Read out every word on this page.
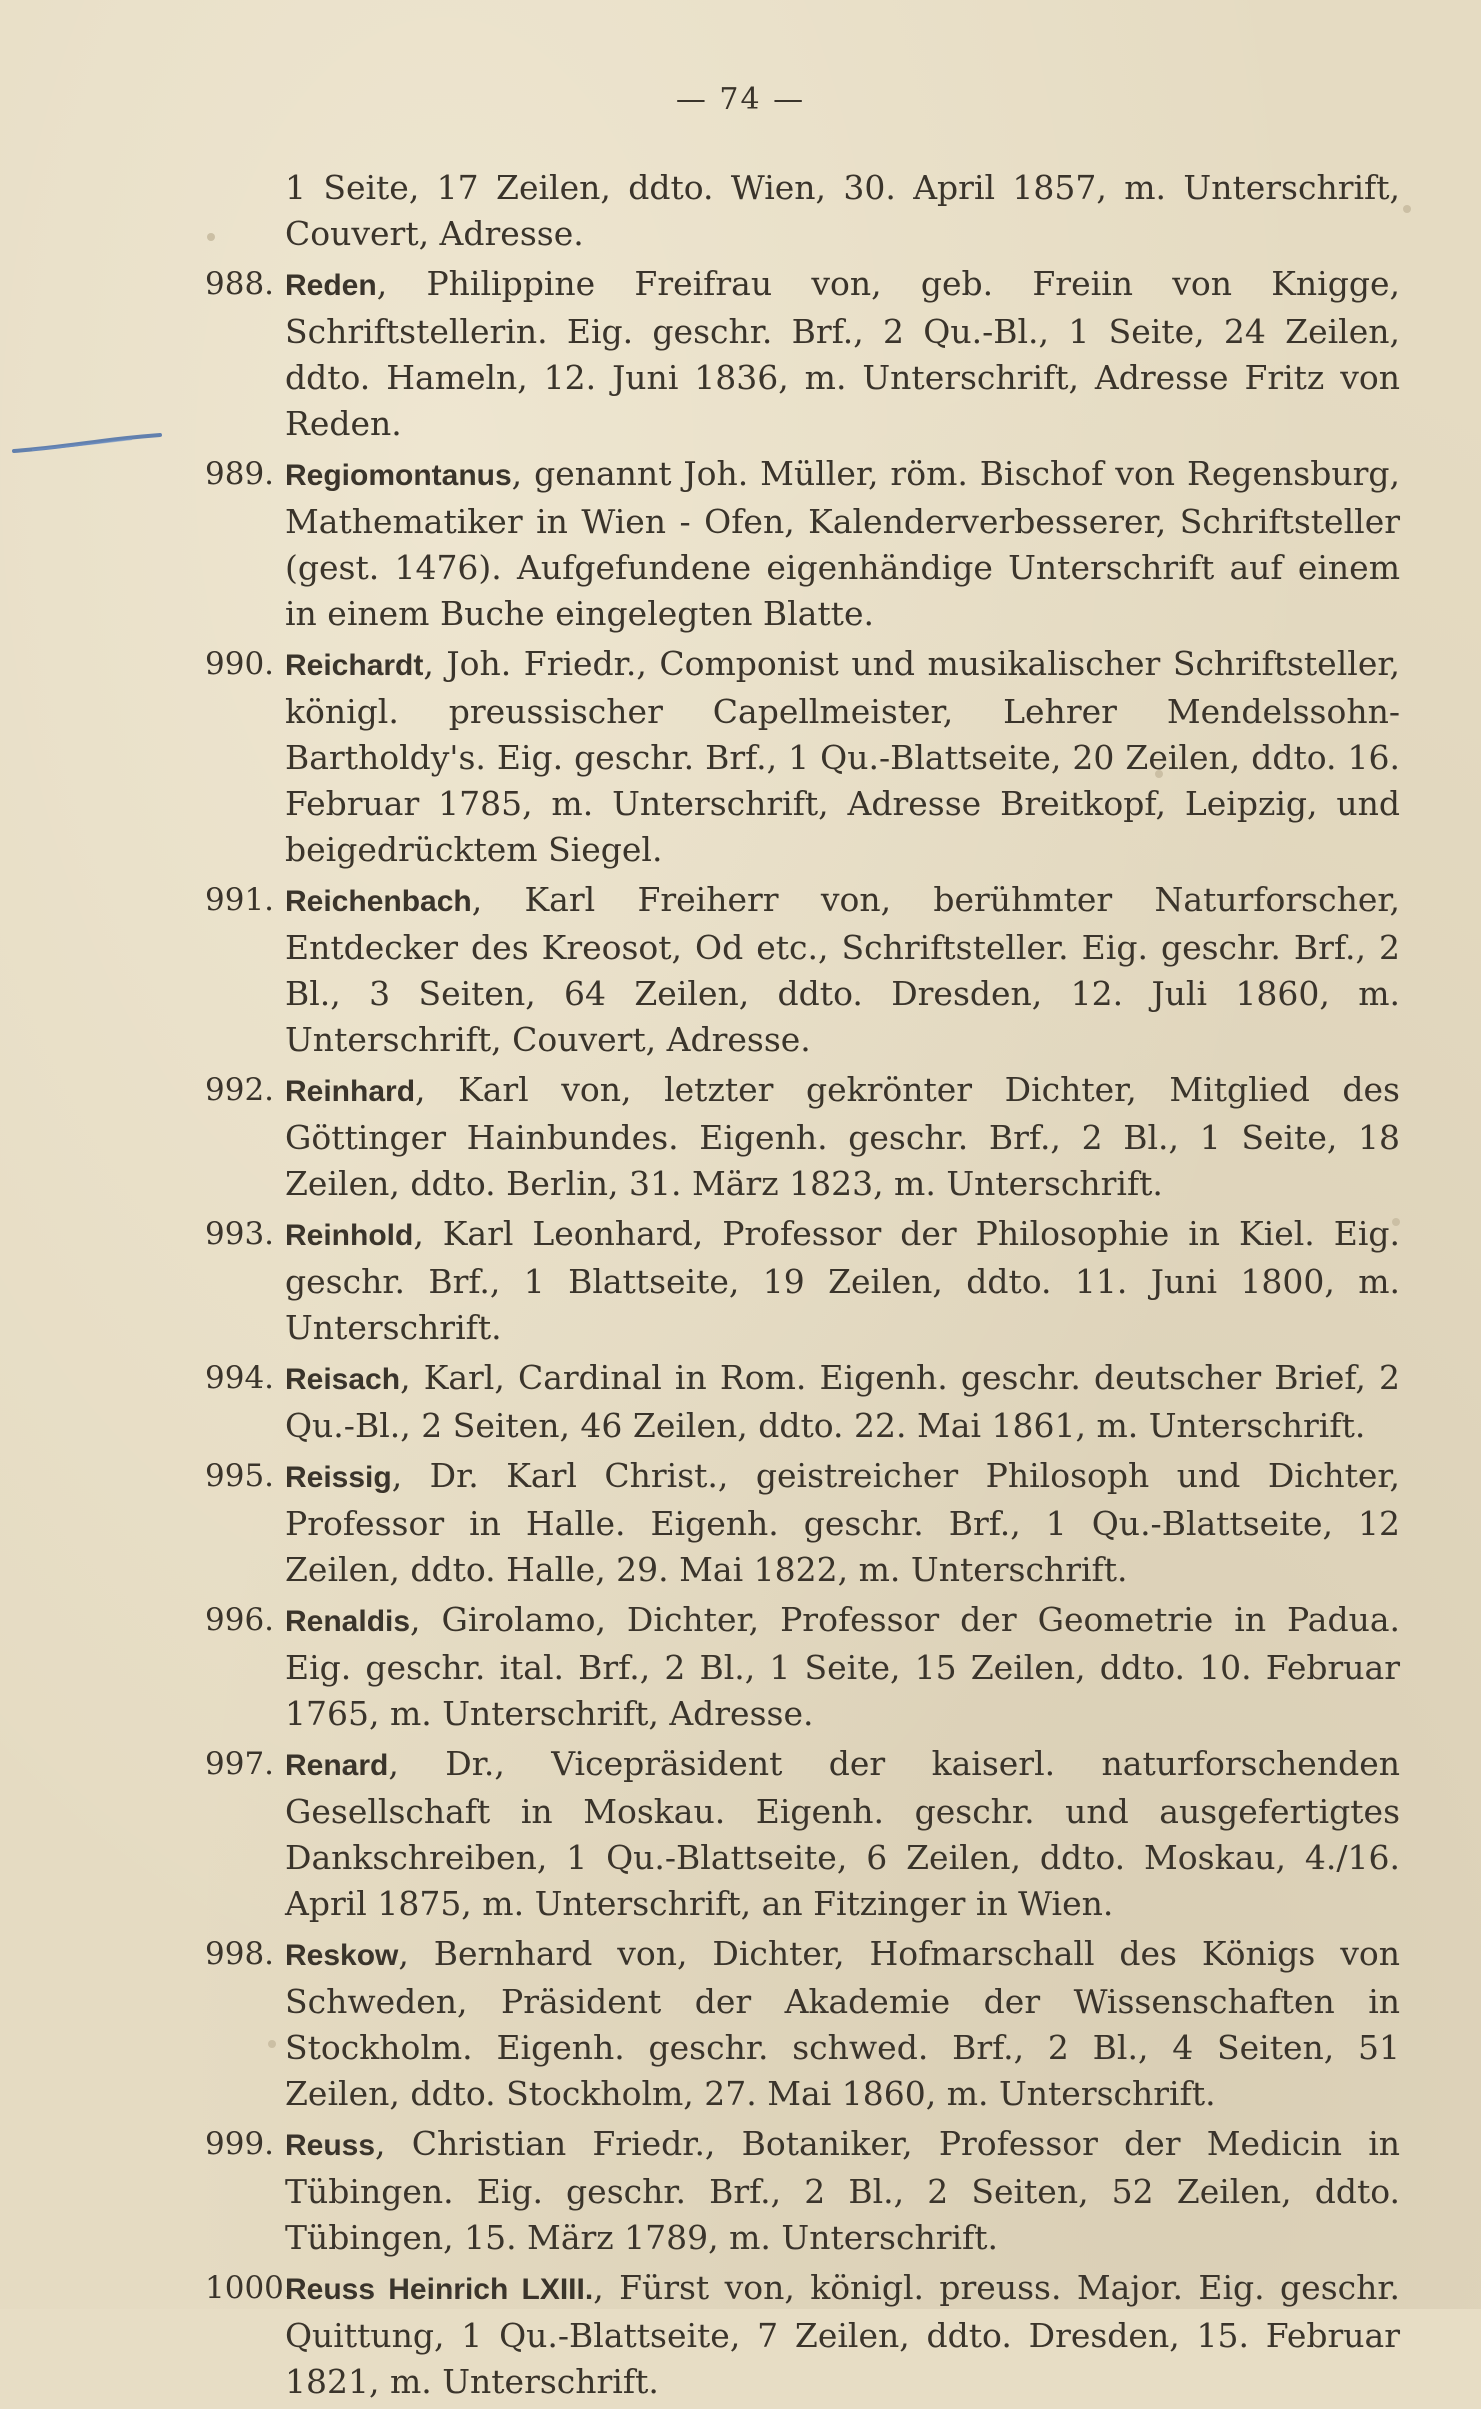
— 74 —

1 Seite, 17 Zeilen, ddto. Wien, 30. April 1857, m. Unterschrift, Couvert, Adresse.

988. Reden, Philippine Freifrau von, geb. Freiin von Knigge, Schriftstellerin. Eig. geschr. Brf., 2 Qu.-Bl., 1 Seite, 24 Zeilen, ddto. Hameln, 12. Juni 1836, m. Unterschrift, Adresse Fritz von Reden.
989. Regiomontanus, genannt Joh. Müller, röm. Bischof von Regensburg, Mathematiker in Wien - Ofen, Kalenderverbesserer, Schriftsteller (gest. 1476). Aufgefundene eigenhändige Unterschrift auf einem in einem Buche eingelegten Blatte.
990. Reichardt, Joh. Friedr., Componist und musikalischer Schriftsteller, königl. preussischer Capellmeister, Lehrer Mendelssohn-Bartholdy's. Eig. geschr. Brf., 1 Qu.-Blattseite, 20 Zeilen, ddto. 16. Februar 1785, m. Unterschrift, Adresse Breitkopf, Leipzig, und beigedrücktem Siegel.
991. Reichenbach, Karl Freiherr von, berühmter Naturforscher, Entdecker des Kreosot, Od etc., Schriftsteller. Eig. geschr. Brf., 2 Bl., 3 Seiten, 64 Zeilen, ddto. Dresden, 12. Juli 1860, m. Unterschrift, Couvert, Adresse.
992. Reinhard, Karl von, letzter gekrönter Dichter, Mitglied des Göttinger Hainbundes. Eigenh. geschr. Brf., 2 Bl., 1 Seite, 18 Zeilen, ddto. Berlin, 31. März 1823, m. Unterschrift.
993. Reinhold, Karl Leonhard, Professor der Philosophie in Kiel. Eig. geschr. Brf., 1 Blattseite, 19 Zeilen, ddto. 11. Juni 1800, m. Unterschrift.
994. Reisach, Karl, Cardinal in Rom. Eigenh. geschr. deutscher Brief, 2 Qu.-Bl., 2 Seiten, 46 Zeilen, ddto. 22. Mai 1861, m. Unterschrift.
995. Reissig, Dr. Karl Christ., geistreicher Philosoph und Dichter, Professor in Halle. Eigenh. geschr. Brf., 1 Qu.-Blattseite, 12 Zeilen, ddto. Halle, 29. Mai 1822, m. Unterschrift.
996. Renaldis, Girolamo, Dichter, Professor der Geometrie in Padua. Eig. geschr. ital. Brf., 2 Bl., 1 Seite, 15 Zeilen, ddto. 10. Februar 1765, m. Unterschrift, Adresse.
997. Renard, Dr., Vicepräsident der kaiserl. naturforschenden Gesellschaft in Moskau. Eigenh. geschr. und ausgefertigtes Dankschreiben, 1 Qu.-Blattseite, 6 Zeilen, ddto. Moskau, 4./16. April 1875, m. Unterschrift, an Fitzinger in Wien.
998. Reskow, Bernhard von, Dichter, Hofmarschall des Königs von Schweden, Präsident der Akademie der Wissenschaften in Stockholm. Eigenh. geschr. schwed. Brf., 2 Bl., 4 Seiten, 51 Zeilen, ddto. Stockholm, 27. Mai 1860, m. Unterschrift.
999. Reuss, Christian Friedr., Botaniker, Professor der Medicin in Tübingen. Eig. geschr. Brf., 2 Bl., 2 Seiten, 52 Zeilen, ddto. Tübingen, 15. März 1789, m. Unterschrift.
1000.
Reuss Heinrich LXIII., Fürst von, königl. preuss. Major. Eig. geschr. Quittung, 1 Qu.-Blattseite, 7 Zeilen, ddto. Dresden, 15. Februar 1821, m. Unterschrift.
